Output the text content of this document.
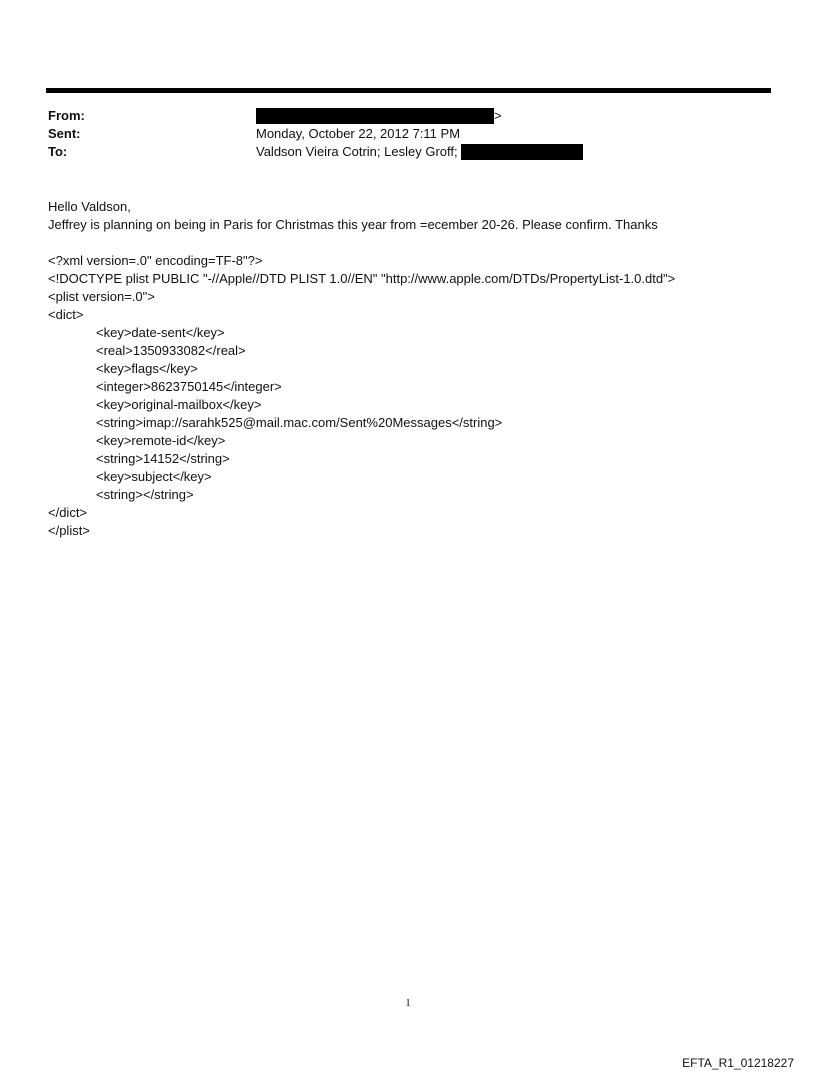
From:	>
Sent:	Monday, October 22, 2012 7:11 PM
To:	Valdson Vieira Cotrin; Lesley Groff;

Hello Valdson,

Jeffrey is planning on being in Paris for Christmas this year from =ecember 20-26. Please confirm. Thanks

<?xml version=.0" encoding=TF-8"?>

<!DOCTYPE plist PUBLIC "-//Apple//DTD PLIST 1.0//EN" "http://www.apple.com/DTDs/PropertyList-1.0.dtd">

<plist version=.0">

<dict>

<key>date-sent</key>

<real>1350933082</real>

<key>flags</key>

<integer>8623750145</integer>

<key>original-mailbox</key>

<string>imap://sarahk525@mail.mac.com/Sent%20Messages</string>

<key>remote-id</key>

<string>14152</string>

<key>subject</key>

<string></string>

</dict>

</plist>

1
EFTA_R1_01218227
